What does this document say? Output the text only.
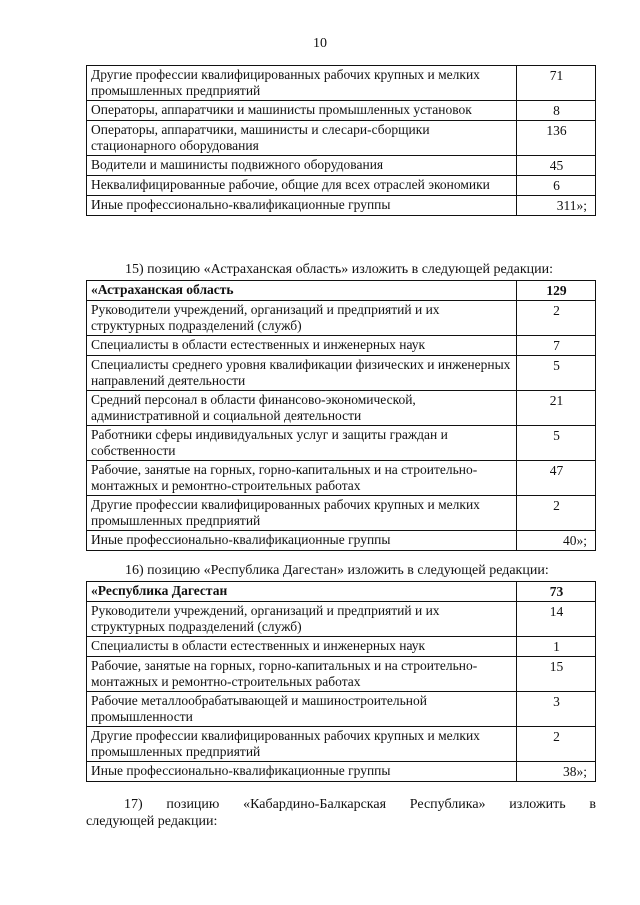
10
Другие профессии квалифицированных рабочих крупных и мелких промышленных предприятий	71
Операторы, аппаратчики и машинисты промышленных установок	8
Операторы, аппаратчики, машинисты и слесари-сборщики стационарного оборудования	136
Водители и машинисты подвижного оборудования	45
Неквалифицированные рабочие, общие для всех отраслей экономики	6
Иные профессионально-квалификационные группы	311»;
15) позицию «Астраханская область» изложить в следующей редакции:
«Астраханская область	129
Руководители учреждений, организаций и предприятий и их структурных подразделений (служб)	2
Специалисты в области естественных и инженерных наук	7
Специалисты среднего уровня квалификации физических и инженерных направлений деятельности	5
Средний персонал в области финансово-экономической, административной и социальной деятельности	21
Работники сферы индивидуальных услуг и защиты граждан и собственности	5
Рабочие, занятые на горных, горно-капитальных и на строительно-монтажных и ремонтно-строительных работах	47
Другие профессии квалифицированных рабочих крупных и мелких промышленных предприятий	2
Иные профессионально-квалификационные группы	40»;
16) позицию «Республика Дагестан» изложить в следующей редакции:
«Республика Дагестан	73
Руководители учреждений, организаций и предприятий и их структурных подразделений (служб)	14
Специалисты в области естественных и инженерных наук	1
Рабочие, занятые на горных, горно-капитальных и на строительно-монтажных и ремонтно-строительных работах	15
Рабочие металлообрабатывающей и машиностроительной промышленности	3
Другие профессии квалифицированных рабочих крупных и мелких промышленных предприятий	2
Иные профессионально-квалификационные группы	38»;
17) позицию «Кабардино-Балкарская Республика» изложить в
следующей редакции:
